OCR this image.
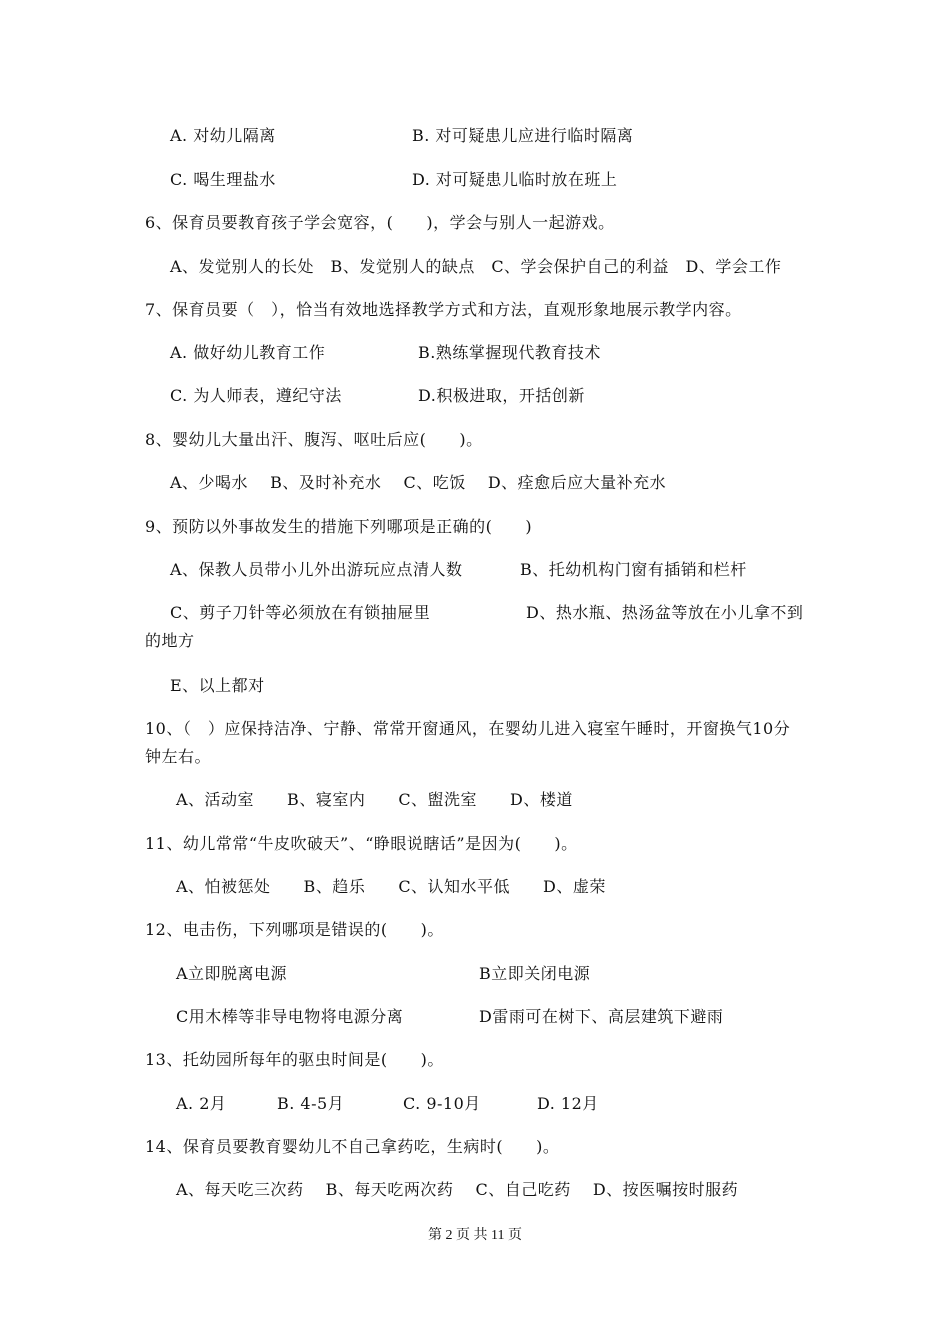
A. 对幼儿隔离	B. 对可疑患儿应进行临时隔离
C. 喝生理盐水	D. 对可疑患儿临时放在班上
6、保育员要教育孩子学会宽容，(　　)，学会与别人一起游戏。
A、发觉别人的长处　B、发觉别人的缺点　C、学会保护自己的利益　D、学会工作
7、保育员要（　），恰当有效地选择教学方式和方法，直观形象地展示教学内容。
A. 做好幼儿教育工作	B.熟练掌握现代教育技术
C. 为人师表，遵纪守法	D.积极进取，开括创新
8、婴幼儿大量出汗、腹泻、呕吐后应(　　)。
A、少喝水　 B、及时补充水　 C、吃饭　 D、痊愈后应大量补充水
9、预防以外事故发生的措施下列哪项是正确的(　　)
A、保教人员带小儿外出游玩应点清人数	B、托幼机构门窗有插销和栏杆
C、剪子刀针等必须放在有锁抽屉里	D、热水瓶、热汤盆等放在小儿拿不到
的地方
E、以上都对
10、（　）应保持洁净、宁静、常常开窗通风，在婴幼儿进入寝室午睡时，开窗换气10分
钟左右。
A、活动室　　B、寝室内　　C、盥洗室　　D、楼道
11、幼儿常常“牛皮吹破天”、“睁眼说瞎话”是因为(　　)。
A、怕被惩处　　B、趋乐　　C、认知水平低　　D、虚荣
12、电击伤，下列哪项是错误的(　　)。
A立即脱离电源	B立即关闭电源
C用木棒等非导电物将电源分离	D雷雨可在树下、高层建筑下避雨
13、托幼园所每年的驱虫时间是(　　)。
A. 2月	B. 4-5月	C. 9-10月	D. 12月
14、保育员要教育婴幼儿不自己拿药吃，生病时(　　)。
A、每天吃三次药　 B、每天吃两次药　 C、自己吃药　 D、按医嘱按时服药
第 2 页 共 11 页
